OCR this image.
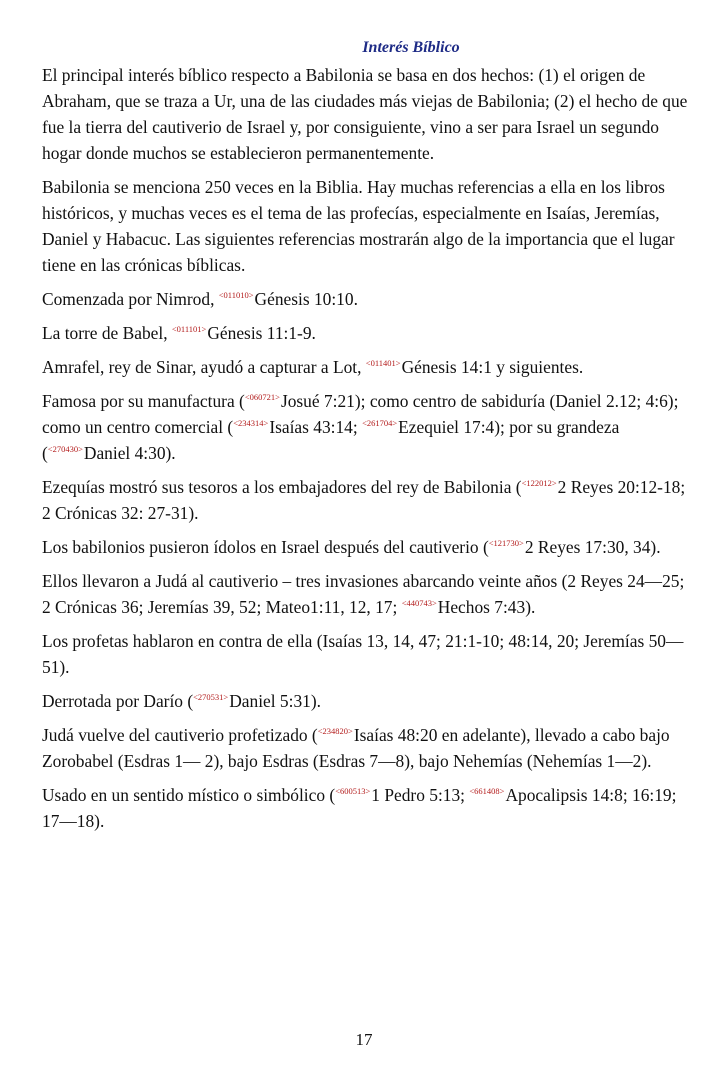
Interés Bíblico

El principal interés bíblico respecto a Babilonia se basa en dos hechos: (1) el origen de Abraham, que se traza a Ur, una de las ciudades más viejas de Babilonia; (2) el hecho de que fue la tierra del cautiverio de Israel y, por consiguiente, vino a ser para Israel un segundo hogar donde muchos se establecieron permanentemente.

Babilonia se menciona 250 veces en la Biblia. Hay muchas referencias a ella en los libros históricos, y muchas veces es el tema de las profecías, especialmente en Isaías, Jeremías, Daniel y Habacuc. Las siguientes referencias mostrarán algo de la importancia que el lugar tiene en las crónicas bíblicas.

Comenzada por Nimrod, $^{<011010>}$Génesis 10:10.

La torre de Babel, $^{<011101>}$Génesis 11:1-9.

Amrafel, rey de Sinar, ayudó a capturar a Lot, $^{<011401>}$Génesis 14:1 y siguientes.

Famosa por su manufactura ($^{<060721>}$Josué 7:21); como centro de sabiduría (Daniel 2.12; 4:6); como un centro comercial ($^{<234314>}$Isaías 43:14; $^{<261704>}$Ezequiel 17:4); por su grandeza ($^{<270430>}$Daniel 4:30).

Ezequías mostró sus tesoros a los embajadores del rey de Babilonia ($^{<122012>}$2 Reyes 20:12-18; 2 Crónicas 32: 27-31).

Los babilonios pusieron ídolos en Israel después del cautiverio ($^{<121730>}$2 Reyes 17:30, 34).

Ellos llevaron a Judá al cautiverio – tres invasiones abarcando veinte años (2 Reyes 24—25; 2 Crónicas 36; Jeremías 39, 52; Mateo1:11, 12, 17; $^{<440743>}$Hechos 7:43).

Los profetas hablaron en contra de ella (Isaías 13, 14, 47; 21:1-10; 48:14, 20; Jeremías 50—51).

Derrotada por Darío ($^{<270531>}$Daniel 5:31).

Judá vuelve del cautiverio profetizado ($^{<234820>}$Isaías 48:20 en adelante), llevado a cabo bajo Zorobabel (Esdras 1— 2), bajo Esdras (Esdras 7—8), bajo Nehemías (Nehemías 1—2).

Usado en un sentido místico o simbólico ($^{<600513>}$1 Pedro 5:13; $^{<661408>}$Apocalipsis 14:8; 16:19; 17—18).

17
